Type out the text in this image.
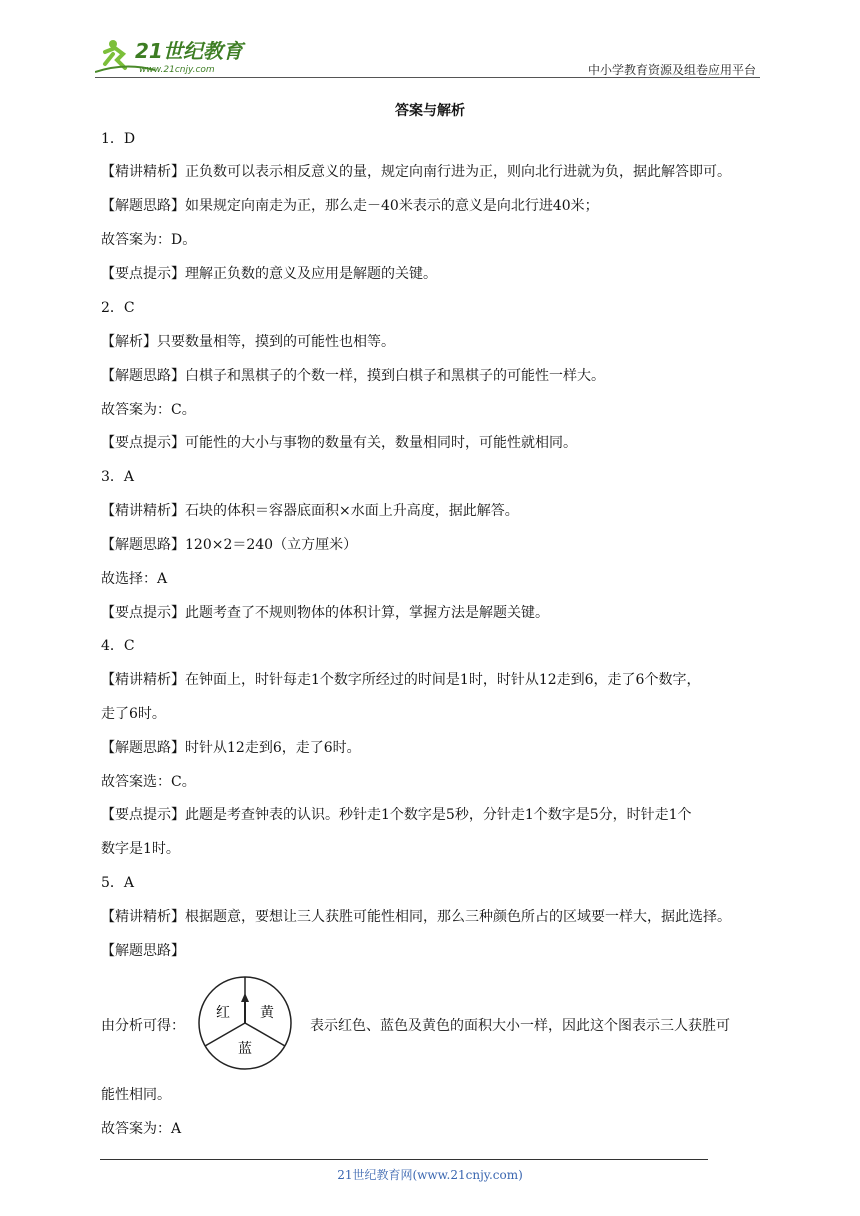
21世纪教育
www.21cnjy.com	中小学教育资源及组卷应用平台
答案与解析
1．D
【精讲精析】正负数可以表示相反意义的量，规定向南行进为正，则向北行进就为负，据此解答即可。
【解题思路】如果规定向南走为正，那么走－40米表示的意义是向北行进40米；
故答案为：D。
【要点提示】理解正负数的意义及应用是解题的关键。
2．C
【解析】只要数量相等，摸到的可能性也相等。
【解题思路】白棋子和黑棋子的个数一样，摸到白棋子和黑棋子的可能性一样大。
故答案为：C。
【要点提示】可能性的大小与事物的数量有关，数量相同时，可能性就相同。
3．A
【精讲精析】石块的体积＝容器底面积×水面上升高度，据此解答。
【解题思路】120×2＝240（立方厘米）
故选择：A
【要点提示】此题考查了不规则物体的体积计算，掌握方法是解题关键。
4．C
【精讲精析】在钟面上，时针每走1个数字所经过的时间是1时，时针从12走到6，走了6个数字，
走了6时。
【解题思路】时针从12走到6，走了6时。
故答案选：C。
【要点提示】此题是考查钟表的认识。秒针走1个数字是5秒，分针走1个数字是5分，时针走1个
数字是1时。
5．A
【精讲精析】根据题意，要想让三人获胜可能性相同，那么三种颜色所占的区域要一样大，据此选择。
【解题思路】
由分析可得：
红 黄
蓝
表示红色、蓝色及黄色的面积大小一样，因此这个图表示三人获胜可
能性相同。
故答案为：A
21世纪教育网(www.21cnjy.com)
